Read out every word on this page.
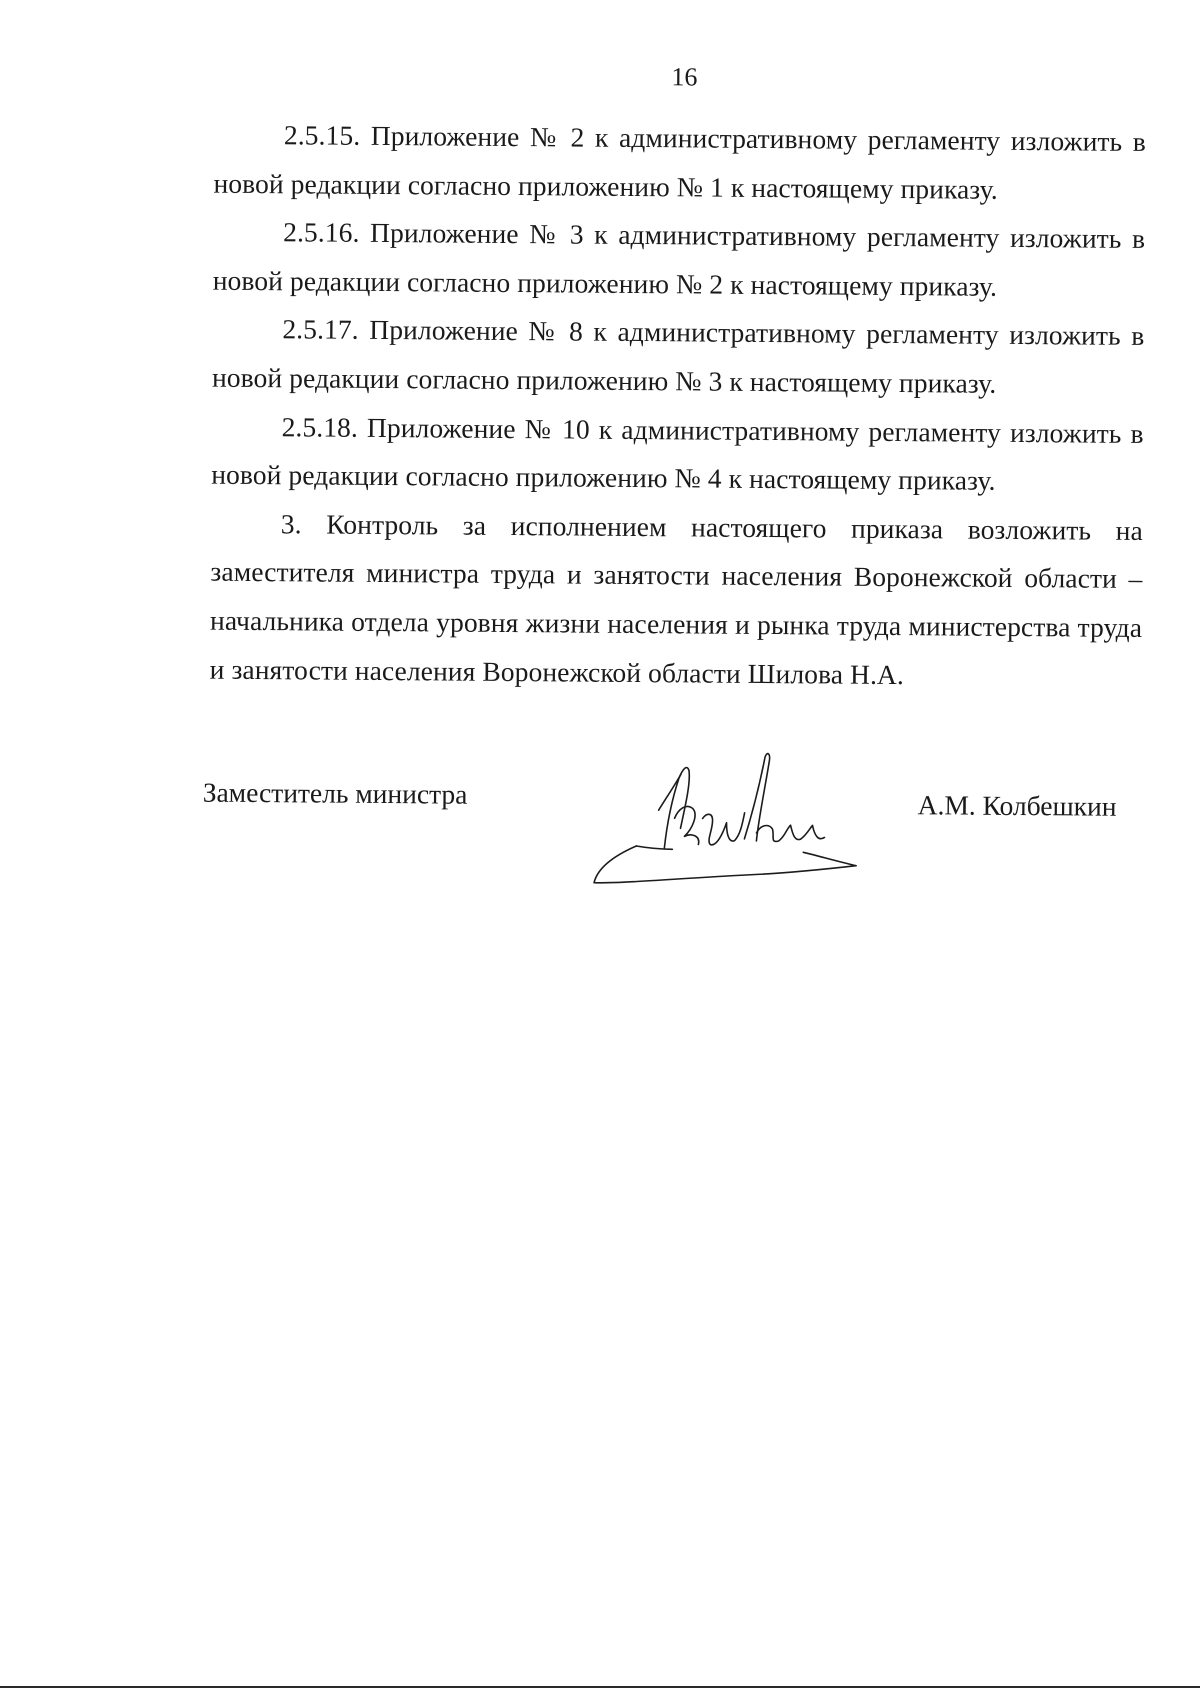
16

2.5.15. Приложение № 2 к административному регламенту изложить в новой редакции согласно приложению № 1 к настоящему приказу.

2.5.16. Приложение № 3 к административному регламенту изложить в новой редакции согласно приложению № 2 к настоящему приказу.

2.5.17. Приложение № 8 к административному регламенту изложить в новой редакции согласно приложению № 3 к настоящему приказу.

2.5.18. Приложение № 10 к административному регламенту изложить в новой редакции согласно приложению № 4 к настоящему приказу.

3. Контроль за исполнением настоящего приказа возложить на заместителя министра труда и занятости населения Воронежской области – начальника отдела уровня жизни населения и рынка труда министерства труда и занятости населения Воронежской области Шилова Н.А.

Заместитель министра	А.М. Колбешкин
